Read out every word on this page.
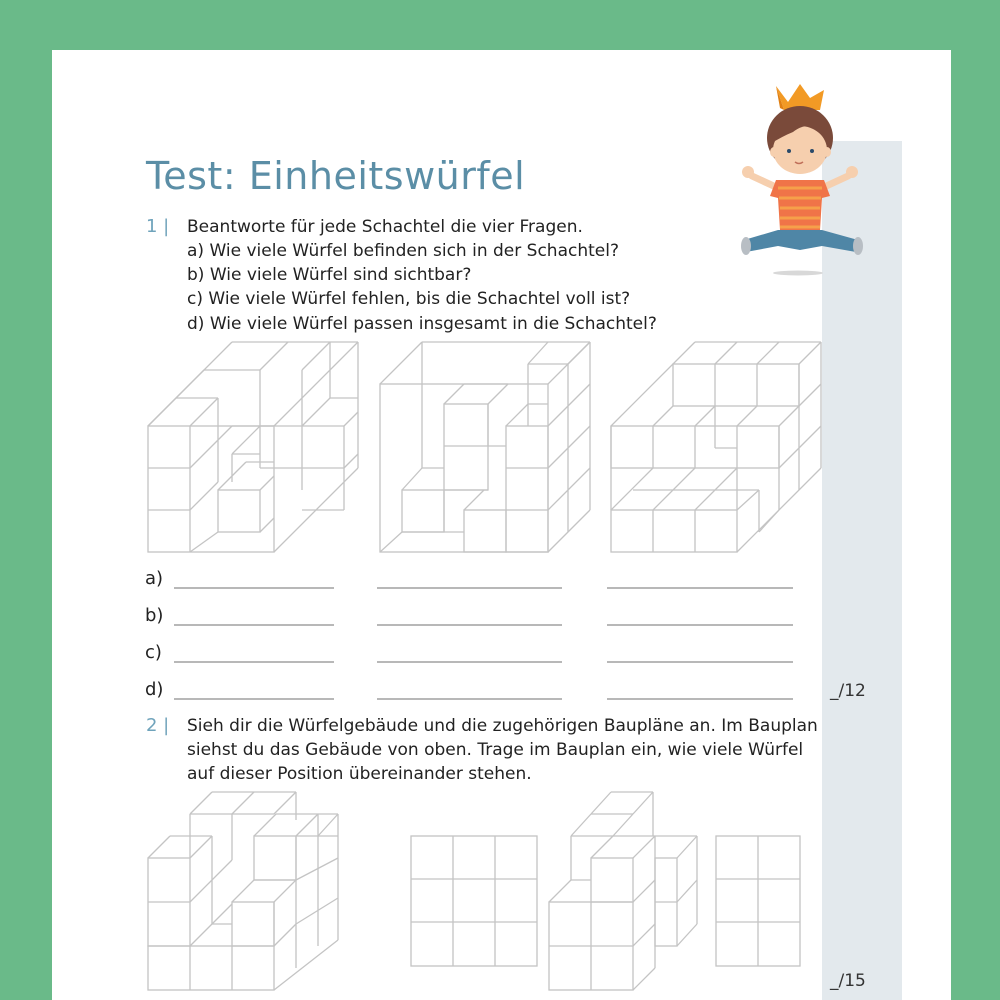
Test: Einheitswürfel
1 | Beantworte für jede Schachtel die vier Fragen.
a) Wie viele Würfel befinden sich in der Schachtel?
b) Wie viele Würfel sind sichtbar?
c) Wie viele Würfel fehlen, bis die Schachtel voll ist?
d) Wie viele Würfel passen insgesamt in die Schachtel?
a)
b)
c)
d)	_/12
2 | Sieh dir die Würfelgebäude und die zugehörigen Baupläne an. Im Bauplan
siehst du das Gebäude von oben. Trage im Bauplan ein, wie viele Würfel
auf dieser Position übereinander stehen.
_/15
